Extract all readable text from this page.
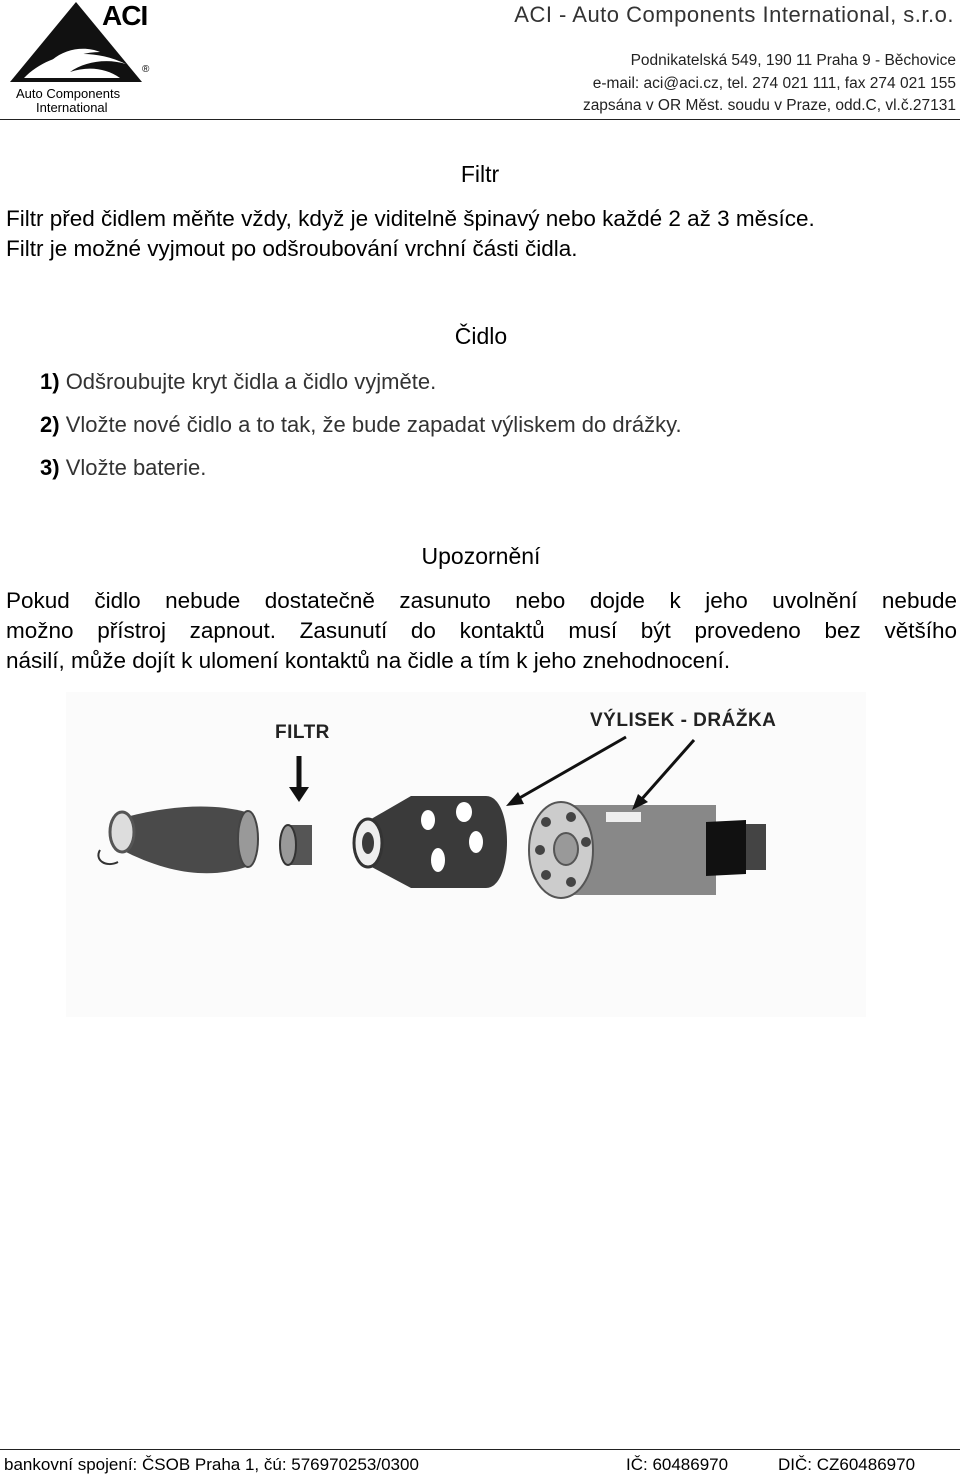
ACI
®
Auto Components
International
ACI - Auto Components International, s.r.o.
Podnikatelská 549, 190 11 Praha 9 - Běchovice
e-mail: aci@aci.cz, tel. 274 021 111, fax 274 021 155
zapsána v OR Měst. soudu v Praze, odd.C, vl.č.27131
Filtr
Filtr před čidlem měňte vždy, když je viditelně špinavý nebo každé 2 až 3 měsíce.
Filtr je možné vyjmout po odšroubování vrchní části čidla.
Čidlo
1) Odšroubujte kryt čidla a čidlo vyjměte.
2) Vložte nové čidlo a to tak, že bude zapadat výliskem do drážky.
3) Vložte baterie.
Upozornění
Pokud čidlo nebude dostatečně zasunuto nebo dojde k jeho uvolnění nebude
možno přístroj zapnout. Zasunutí do kontaktů musí být provedeno bez většího
násilí, může dojít k ulomení kontaktů na čidle a tím k jeho znehodnocení.
FILTR
VÝLISEK - DRÁŽKA
bankovní spojení: ČSOB Praha 1, čú: 576970253/0300	IČ: 60486970	DIČ: CZ60486970
